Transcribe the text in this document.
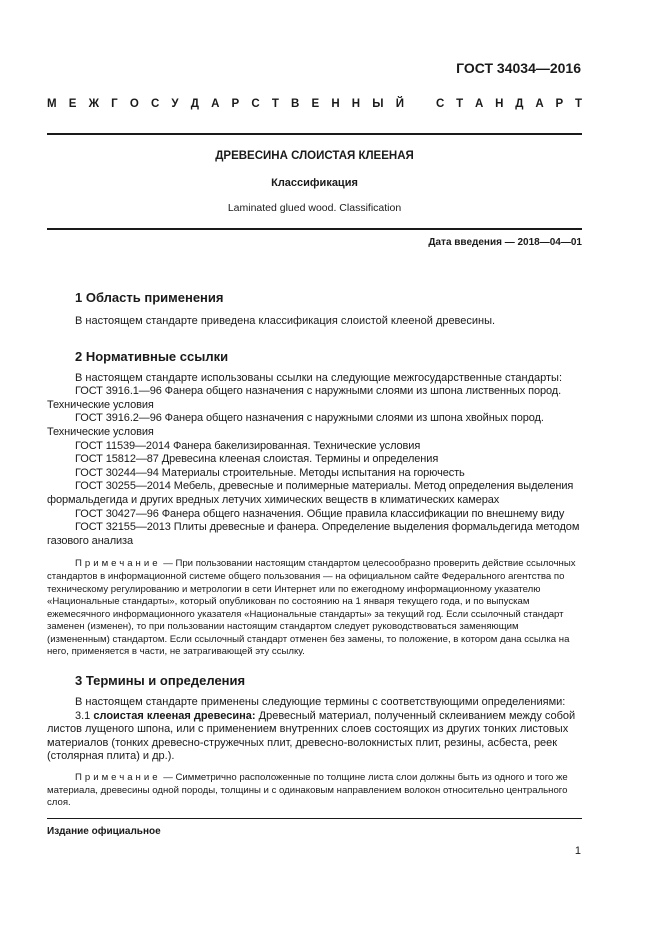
ГОСТ 34034—2016
М Е Ж Г О С У Д А Р С Т В Е Н Н Ы Й	С Т А Н Д А Р Т
ДРЕВЕСИНА СЛОИСТАЯ КЛЕЕНАЯ
Классификация
Laminated glued wood. Classification
Дата введения — 2018—04—01

1 Область применения

В настоящем стандарте приведена классификация слоистой клееной древесины.

2 Нормативные ссылки

В настоящем стандарте использованы ссылки на следующие межгосударственные стандарты:

ГОСТ 3916.1—96 Фанера общего назначения с наружными слоями из шпона лиственных пород. Технические условия

ГОСТ 3916.2—96 Фанера общего назначения с наружными слоями из шпона хвойных пород. Технические условия

ГОСТ 11539—2014 Фанера бакелизированная. Технические условия

ГОСТ 15812—87 Древесина клееная слоистая. Термины и определения

ГОСТ 30244—94 Материалы строительные. Методы испытания на горючесть

ГОСТ 30255—2014 Мебель, древесные и полимерные материалы. Метод определения выделения формальдегида и других вредных летучих химических веществ в климатических камерах

ГОСТ 30427—96 Фанера общего назначения. Общие правила классификации по внешнему виду

ГОСТ 32155—2013 Плиты древесные и фанера. Определение выделения формальдегида методом газового анализа

Примечание — При пользовании настоящим стандартом целесообразно проверить действие ссылочных стандартов в информационной системе общего пользования — на официальном сайте Федерального агентства по техническому регулированию и метрологии в сети Интернет или по ежегодному информационному указателю «Национальные стандарты», который опубликован по состоянию на 1 января текущего года, и по выпускам ежемесячного информационного указателя «Национальные стандарты» за текущий год. Если ссылочный стандарт заменен (изменен), то при пользовании настоящим стандартом следует руководствоваться заменяющим (измененным) стандартом. Если ссылочный стандарт отменен без замены, то положение, в котором дана ссылка на него, применяется в части, не затрагивающей эту ссылку.

3 Термины и определения

В настоящем стандарте применены следующие термины с соответствующими определениями:

3.1 слоистая клееная древесина: Древесный материал, полученный склеиванием между собой листов лущеного шпона, или с применением внутренних слоев состоящих из других тонких листовых материалов (тонких древесно-стружечных плит, древесно-волокнистых плит, резины, асбеста, реек (столярная плита) и др.).

Примечание — Симметрично расположенные по толщине листа слои должны быть из одного и того же материала, древесины одной породы, толщины и с одинаковым направлением волокон относительно центрального слоя.

Издание официальное
1
